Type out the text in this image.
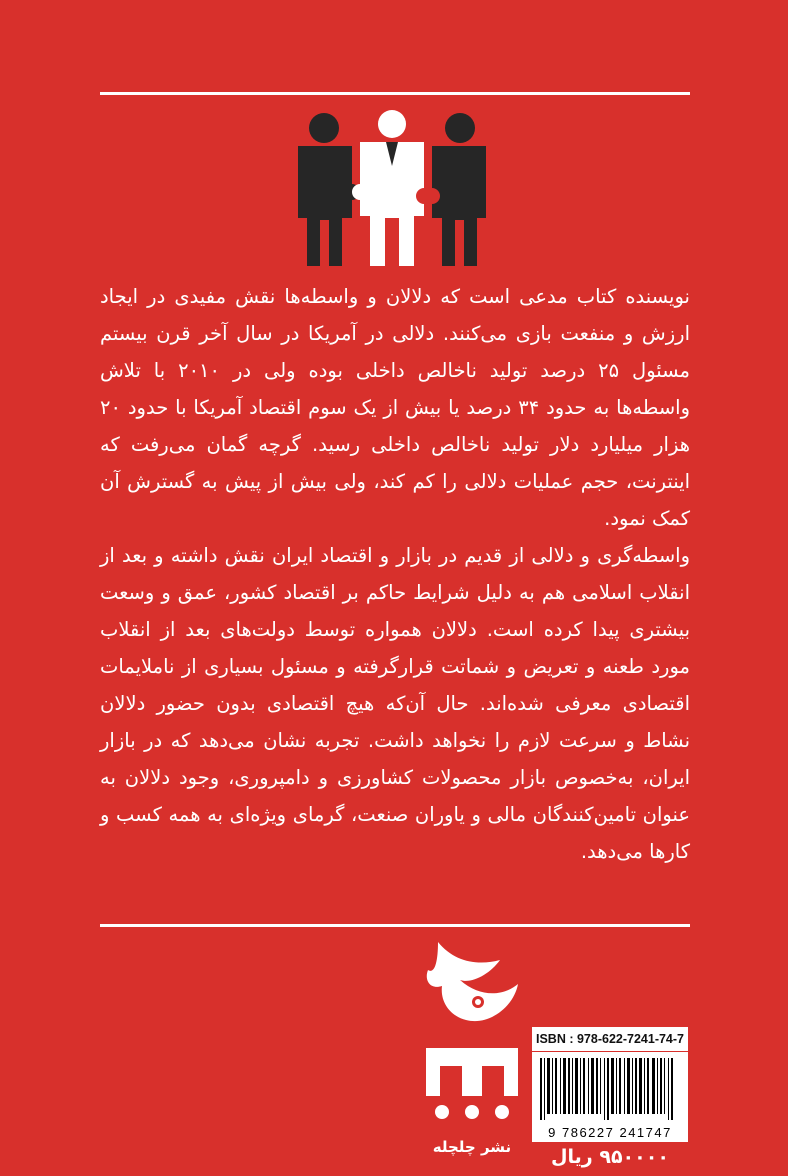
نویسنده کتاب مدعی است که دلالان و واسطه‌ها نقش مفیدی در ایجاد ارزش و منفعت بازی می‌کنند. دلالی در آمریکا در سال آخر قرن بیستم مسئول ۲۵ درصد تولید ناخالص داخلی بوده ولی در ۲۰۱۰ با تلاش واسطه‌ها به حدود ۳۴ درصد یا بیش از یک سوم اقتصاد آمریکا با حدود ۲۰ هزار میلیارد دلار تولید ناخالص داخلی رسید. گرچه گمان می‌رفت که اینترنت، حجم عملیات دلالی را کم کند، ولی بیش از پیش به گسترش آن کمک نمود.

واسطه‌گری و دلالی از قدیم در بازار و اقتصاد ایران نقش داشته و بعد از انقلاب اسلامی هم به دلیل شرایط حاکم بر اقتصاد کشور، عمق و وسعت بیشتری پیدا کرده است. دلالان همواره توسط دولت‌های بعد از انقلاب مورد طعنه و تعریض و شماتت قرارگرفته و مسئول بسیاری از ناملایمات اقتصادی معرفی شده‌اند. حال آن‌که هیچ اقتصادی بدون حضور دلالان نشاط و سرعت لازم را نخواهد داشت. تجربه نشان می‌دهد که در بازار ایران، به‌خصوص بازار محصولات کشاورزی و دامپروری، وجود دلالان به عنوان تامین‌کنندگان مالی و یاوران صنعت، گرمای ویژه‌ای به همه کسب و کارها می‌دهد.

نشر چلچله
ISBN : 978-622-7241-74-7
9 786227 241747
۹۵۰۰۰۰ ریال
